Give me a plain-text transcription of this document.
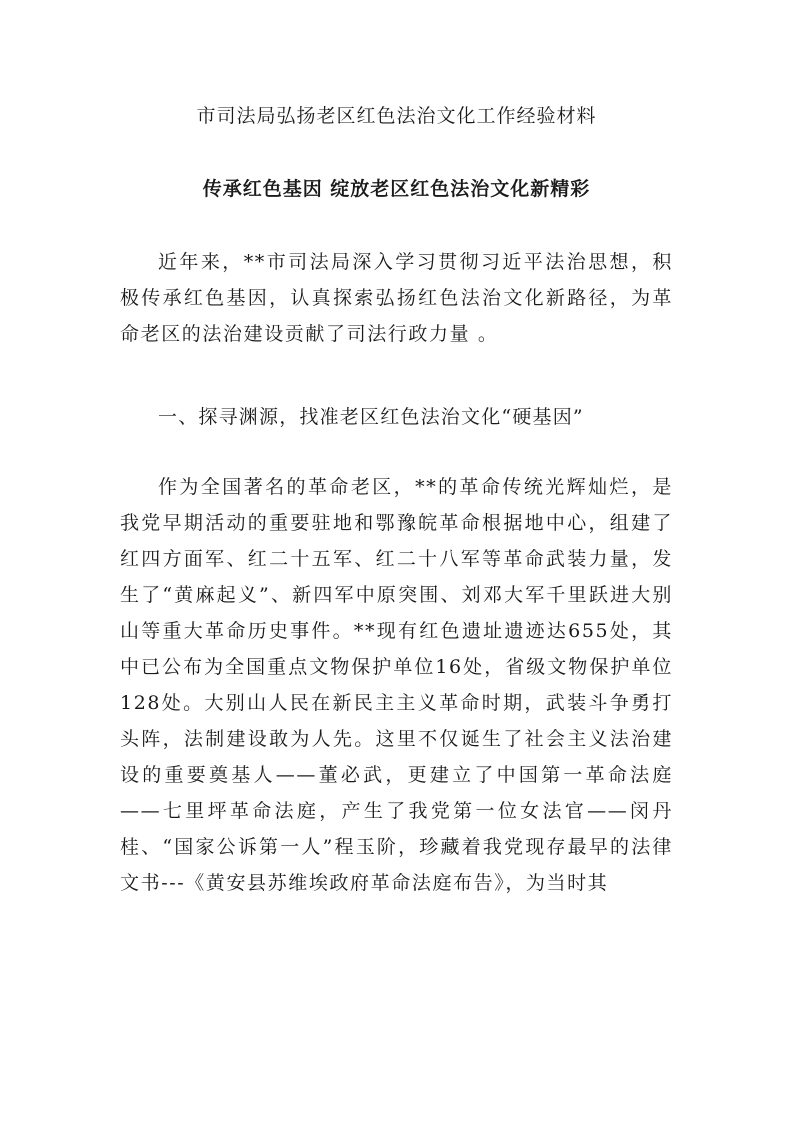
市司法局弘扬老区红色法治文化工作经验材料
传承红色基因 绽放老区红色法治文化新精彩

近年来，**市司法局深入学习贯彻习近平法治思想，积极传承红色基因，认真探索弘扬红色法治文化新路径，为革命老区的法治建设贡献了司法行政力量 。

一、探寻渊源，找准老区红色法治文化“硬基因”

作为全国著名的革命老区，**的革命传统光辉灿烂，是我党早期活动的重要驻地和鄂豫皖革命根据地中心，组建了红四方面军、红二十五军、红二十八军等革命武装力量，发生了“黄麻起义”、新四军中原突围、刘邓大军千里跃进大别山等重大革命历史事件。**现有红色遗址遗迹达655处，其中已公布为全国重点文物保护单位16处，省级文物保护单位128处。大别山人民在新民主主义革命时期，武装斗争勇打头阵，法制建设敢为人先。这里不仅诞生了社会主义法治建设的重要奠基人——董必武，更建立了中国第一革命法庭——七里坪革命法庭，产生了我党第一位女法官——闵丹桂、“国家公诉第一人”程玉阶，珍藏着我党现存最早的法律文书---《黄安县苏维埃政府革命法庭布告》，为当时其
